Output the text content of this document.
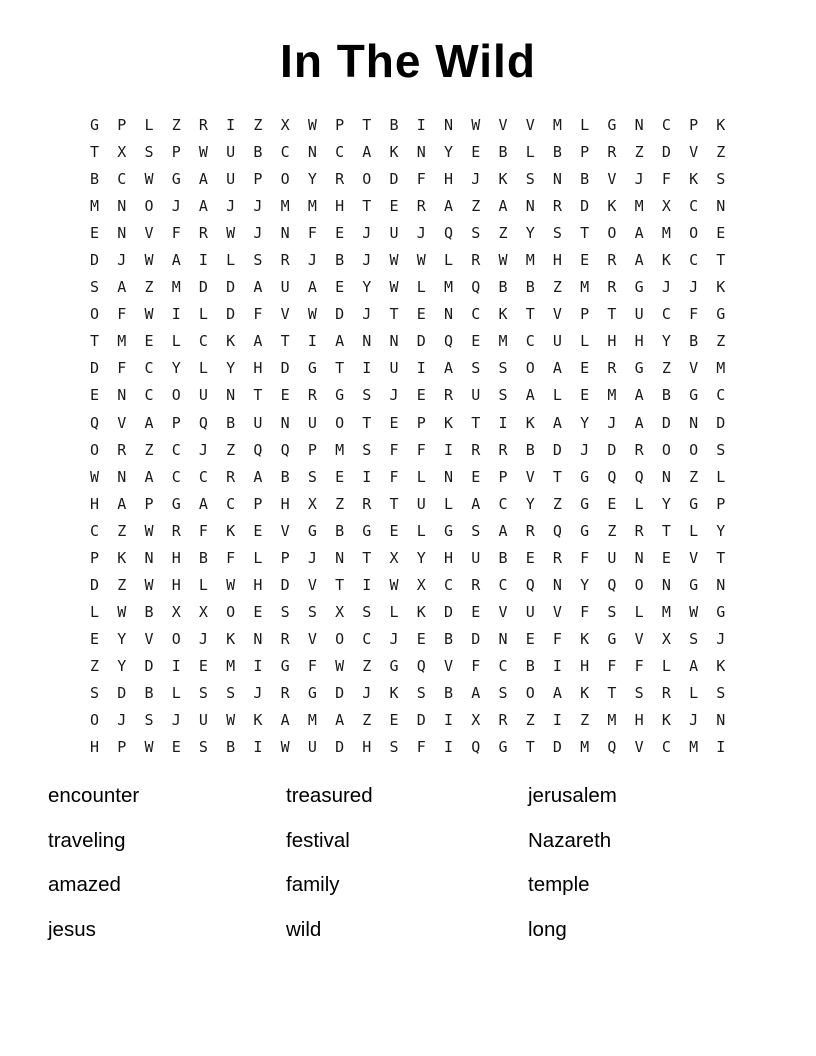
In The Wild
GPLZRIZXWPTBINWVVMLGNCPK
TXSPWUBCNCAKNYEBLBPRZDVZ
BCWGAUPOYRODFHJKSNBVJFKS
MNOJAJJMMHTERAZANRDKMXCN
ENVFRWJNFEJUJQSZYSTOAMOE
DJWAILSRJBJWWLRWMHERAKCT
SAZMDDAUAEYWLMQBBZMRGJJK
OFWILDFVWDJTENCKTVPTUCFG
TMELCKATIANNDQEMCULHHYBZ
DFCYLYHDGTIUIASSOAERGZVM
ENCOUNTERGSJERUSALEMABGC
QVAPQBUNUOTEPKTIKAYJADND
ORZCJZQQPMSFFIRRBDJDROOS
WNACCRABSEIFLNEPVTGQQNZL
HAPGACPHXZRTULACYZGELYGP
CZWRFKEVGBGELGSARQGZRTLY
PKNHBFLPJNTXYHUBERFUNEVT
DZWHLWHDVTIWXCRCQNYQONGN
LWBXXOESSXSLKDEVUVFSLMWG
EYVOJKNRVOCJEBDNEFKGVXSJ
ZYDIEMIGFWZGQVFCBIHFFLAK
SDBLSSJRGDJKSBASOAKTSRLS
OJSJUWKAMAZEDIXRZIZMHKJN
HPWESBIWUDHSFIQGTDMQVCMI
encounter
traveling
amazed
jesus
treasured
festival
family
wild
jerusalem
Nazareth
temple
long
